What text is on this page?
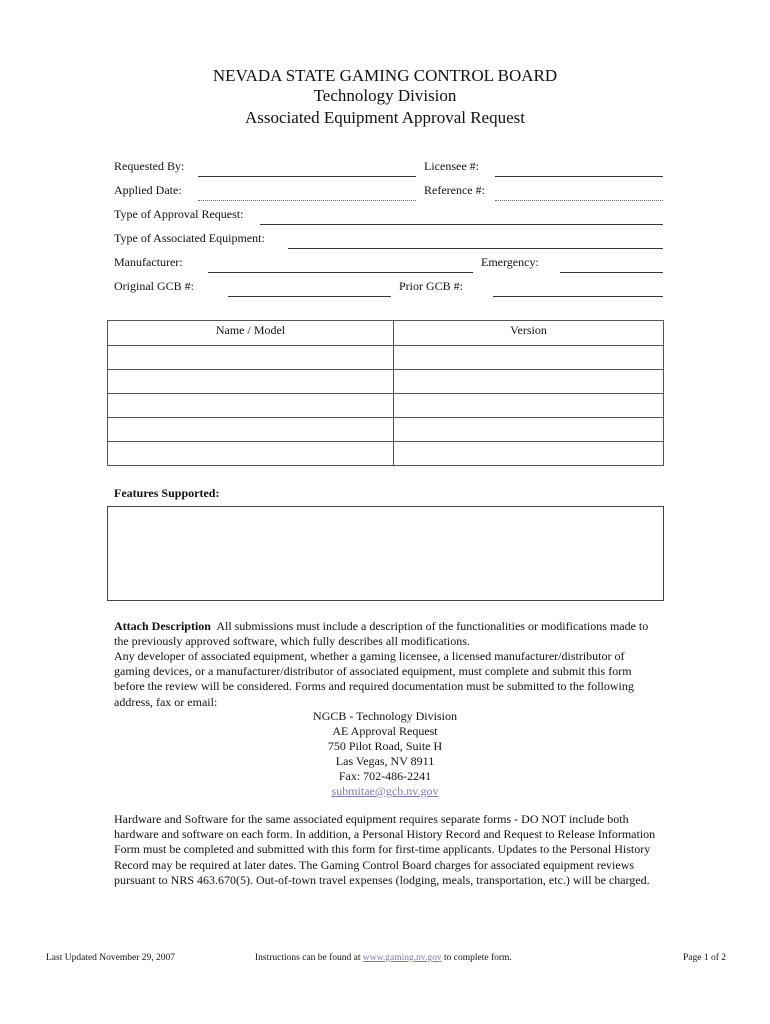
NEVADA STATE GAMING CONTROL BOARD
Technology Division
Associated Equipment Approval Request
Requested By:	Licensee #:
Applied Date:	Reference #:
Type of Approval Request:
Type of Associated Equipment:
Manufacturer:	Emergency:
Original GCB #:	Prior GCB #:
Name / Model	Version

Features Supported:
Attach Description All submissions must include a description of the functionalities or modifications made to the previously approved software, which fully describes all modifications.
Any developer of associated equipment, whether a gaming licensee, a licensed manufacturer/distributor of gaming devices, or a manufacturer/distributor of associated equipment, must complete and submit this form before the review will be considered. Forms and required documentation must be submitted to the following address, fax or email:
NGCB - Technology Division
AE Approval Request
750 Pilot Road, Suite H
Las Vegas, NV 8911
Fax: 702-486-2241
submitae@gcb.nv.gov
Hardware and Software for the same associated equipment requires separate forms - DO NOT include both hardware and software on each form. In addition, a Personal History Record and Request to Release Information Form must be completed and submitted with this form for first-time applicants. Updates to the Personal History Record may be required at later dates. The Gaming Control Board charges for associated equipment reviews pursuant to NRS 463.670(5). Out-of-town travel expenses (lodging, meals, transportation, etc.) will be charged.
Last Updated November 29, 2007	Instructions can be found at www.gaming.nv.gov to complete form.	Page 1 of 2
